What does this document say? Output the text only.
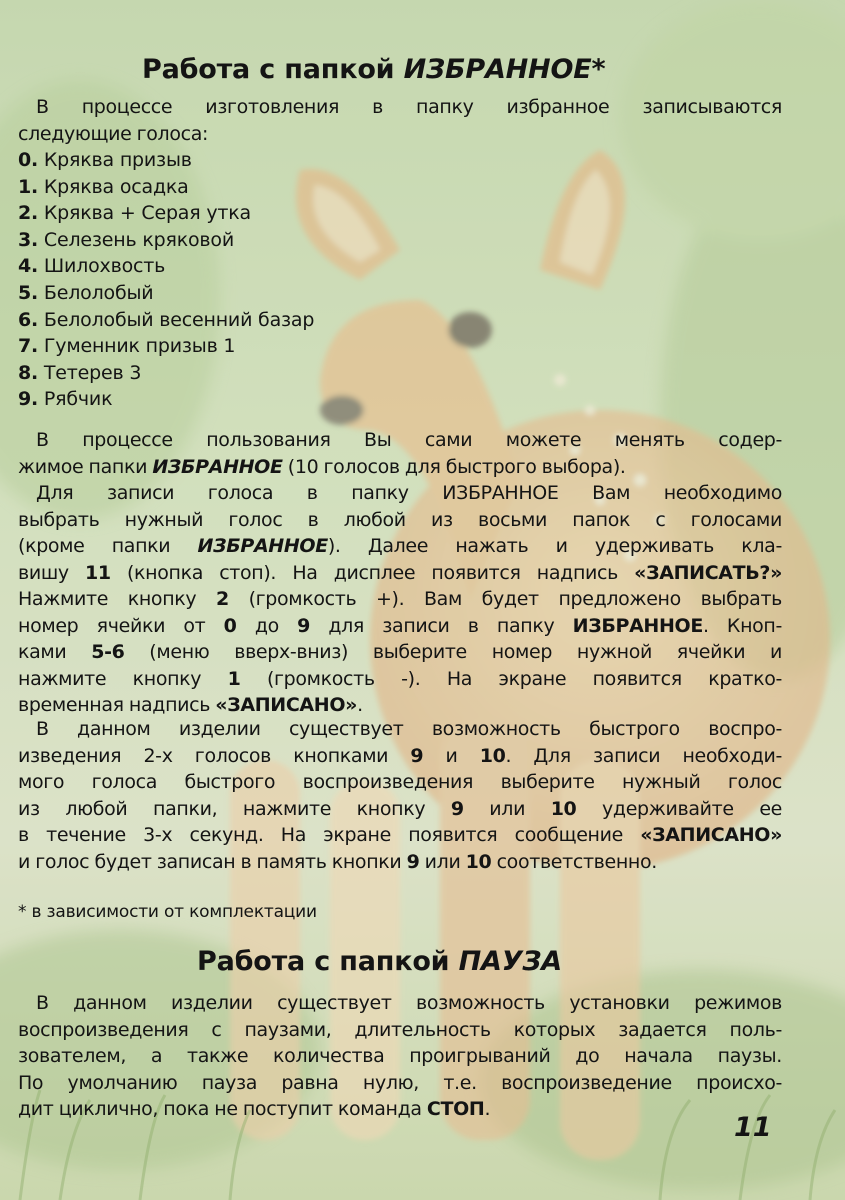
Работа с папкой ИЗБРАННОЕ*

В процессе изготовления в папку избранное записываются
следующие голоса:

0. Кряква призыв
1. Кряква осадка
2. Кряква + Серая утка
3. Селезень кряковой
4. Шилохвость
5. Белолобый
6. Белолобый весенний базар
7. Гуменник призыв 1
8. Тетерев 3
9. Рябчик

В процессе пользования Вы сами можете менять содер-
жимое папки ИЗБРАННОЕ (10 голосов для быстрого выбора).

Для записи голоса в папку ИЗБРАННОЕ Вам необходимо
выбрать нужный голос в любой из восьми папок с голосами
(кроме папки ИЗБРАННОЕ). Далее нажать и удерживать кла-
вишу 11 (кнопка стоп). На дисплее появится надпись «ЗАПИСАТЬ?»
Нажмите кнопку 2 (громкость +). Вам будет предложено выбрать
номер ячейки от 0 до 9 для записи в папку ИЗБРАННОЕ. Кноп-
ками 5-6 (меню вверх-вниз) выберите номер нужной ячейки и
нажмите кнопку 1 (громкость -). На экране появится кратко-
временная надпись «ЗАПИСАНО».

В данном изделии существует возможность быстрого воспро-
изведения 2-х голосов кнопками 9 и 10. Для записи необходи-
мого голоса быстрого воспроизведения выберите нужный голос
из любой папки, нажмите кнопку 9 или 10 удерживайте ее
в течение 3-х секунд. На экране появится сообщение «ЗАПИСАНО»
и голос будет записан в память кнопки 9 или 10 соответственно.

* в зависимости от комплектации

Работа с папкой ПАУЗА

В данном изделии существует возможность установки режимов
воспроизведения с паузами, длительность которых задается поль-
зователем, а также количества проигрываний до начала паузы.
По умолчанию пауза равна нулю, т.е. воспроизведение происхо-
дит циклично, пока не поступит команда СТОП.

11
